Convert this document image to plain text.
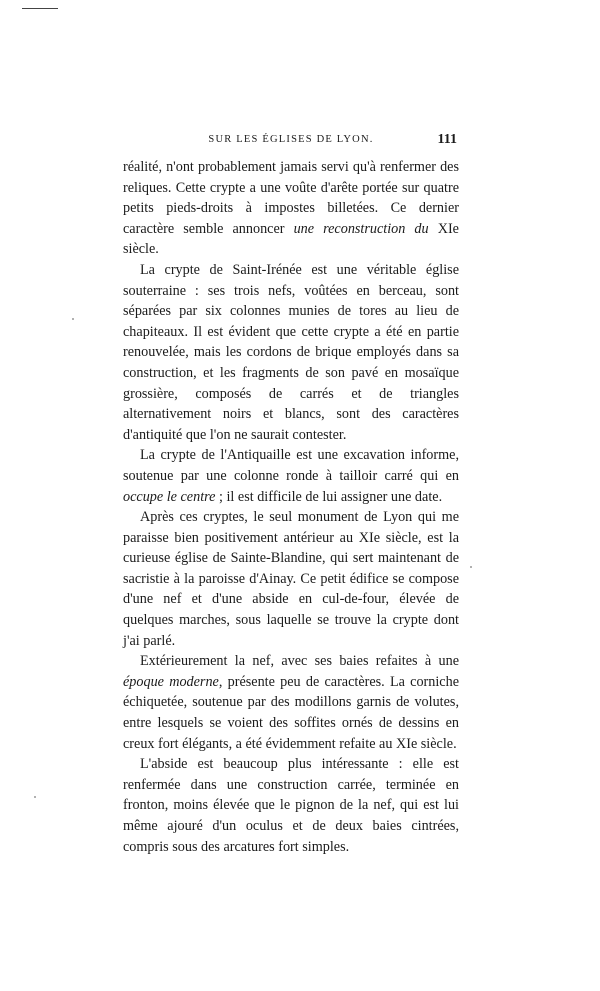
SUR LES ÉGLISES DE LYON.	111

réalité, n'ont probablement jamais servi qu'à renfermer des reliques. Cette crypte a une voûte d'arête portée sur quatre petits pieds-droits à impostes billetées. Ce dernier caractère semble annoncer une reconstruction du XIe siècle.

La crypte de Saint-Irénée est une véritable église souterraine : ses trois nefs, voûtées en berceau, sont séparées par six colonnes munies de tores au lieu de chapiteaux. Il est évident que cette crypte a été en partie renouvelée, mais les cordons de brique employés dans sa construction, et les fragments de son pavé en mosaïque grossière, composés de carrés et de triangles alternativement noirs et blancs, sont des caractères d'antiquité que l'on ne saurait contester.

La crypte de l'Antiquaille est une excavation informe, soutenue par une colonne ronde à tailloir carré qui en occupe le centre ; il est difficile de lui assigner une date.

Après ces cryptes, le seul monument de Lyon qui me paraisse bien positivement antérieur au XIe siècle, est la curieuse église de Sainte-Blandine, qui sert maintenant de sacristie à la paroisse d'Ainay. Ce petit édifice se compose d'une nef et d'une abside en cul-de-four, élevée de quelques marches, sous laquelle se trouve la crypte dont j'ai parlé.

Extérieurement la nef, avec ses baies refaites à une époque moderne, présente peu de caractères. La corniche échiquetée, soutenue par des modillons garnis de volutes, entre lesquels se voient des soffites ornés de dessins en creux fort élégants, a été évidemment refaite au XIe siècle.

L'abside est beaucoup plus intéressante : elle est renfermée dans une construction carrée, terminée en fronton, moins élevée que le pignon de la nef, qui est lui même ajouré d'un oculus et de deux baies cintrées, compris sous des arcatures fort simples.
